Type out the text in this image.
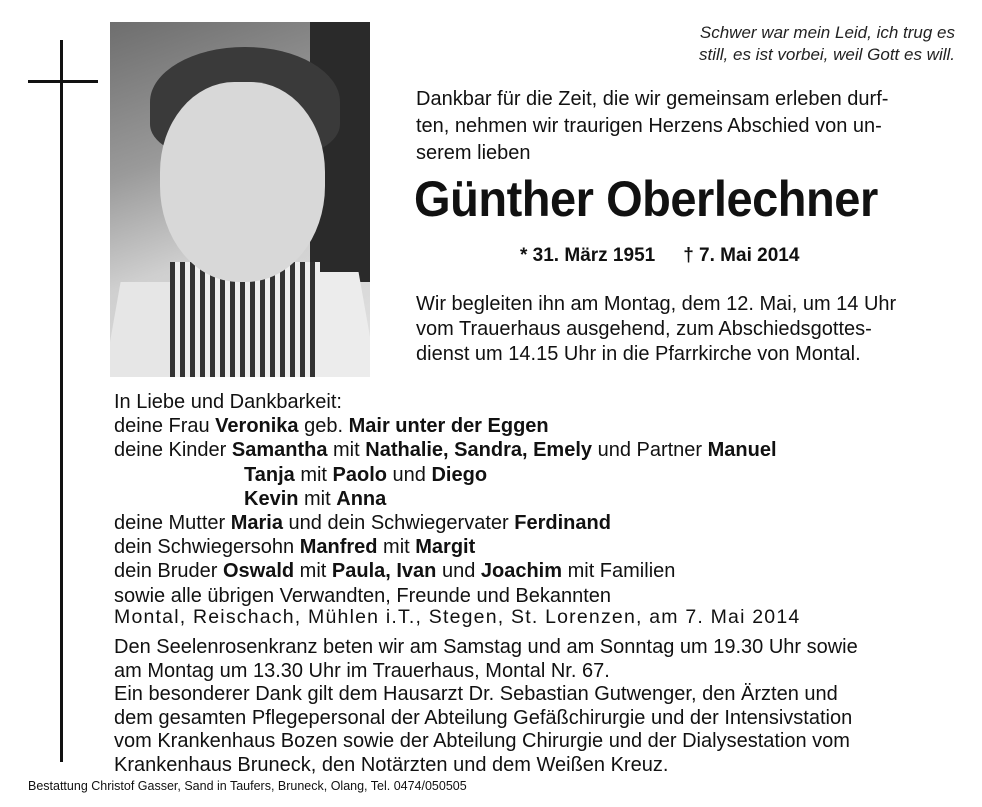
Schwer war mein Leid, ich trug es
still, es ist vorbei, weil Gott es will.

Dankbar für die Zeit, die wir gemeinsam erleben durf-
ten, nehmen wir traurigen Herzens Abschied von un-
serem lieben

Günther Oberlechner

* 31. März 1951 † 7. Mai 2014

Wir begleiten ihn am Montag, dem 12. Mai, um 14 Uhr
vom Trauerhaus ausgehend, zum Abschiedsgottes-
dienst um 14.15 Uhr in die Pfarrkirche von Montal.

In Liebe und Dankbarkeit:
deine Frau Veronika geb. Mair unter der Eggen
deine Kinder Samantha mit Nathalie, Sandra, Emely und Partner Manuel
Tanja mit Paolo und Diego
Kevin mit Anna
deine Mutter Maria und dein Schwiegervater Ferdinand
dein Schwiegersohn Manfred mit Margit
dein Bruder Oswald mit Paula, Ivan und Joachim mit Familien
sowie alle übrigen Verwandten, Freunde und Bekannten

Montal, Reischach, Mühlen i.T., Stegen, St. Lorenzen, am 7. Mai 2014

Den Seelenrosenkranz beten wir am Samstag und am Sonntag um 19.30 Uhr sowie
am Montag um 13.30 Uhr im Trauerhaus, Montal Nr. 67.

Ein besonderer Dank gilt dem Hausarzt Dr. Sebastian Gutwenger, den Ärzten und
dem gesamten Pflegepersonal der Abteilung Gefäßchirurgie und der Intensivstation
vom Krankenhaus Bozen sowie der Abteilung Chirurgie und der Dialysestation vom
Krankenhaus Bruneck, den Notärzten und dem Weißen Kreuz.

Bestattung Christof Gasser, Sand in Taufers, Bruneck, Olang, Tel. 0474/050505
